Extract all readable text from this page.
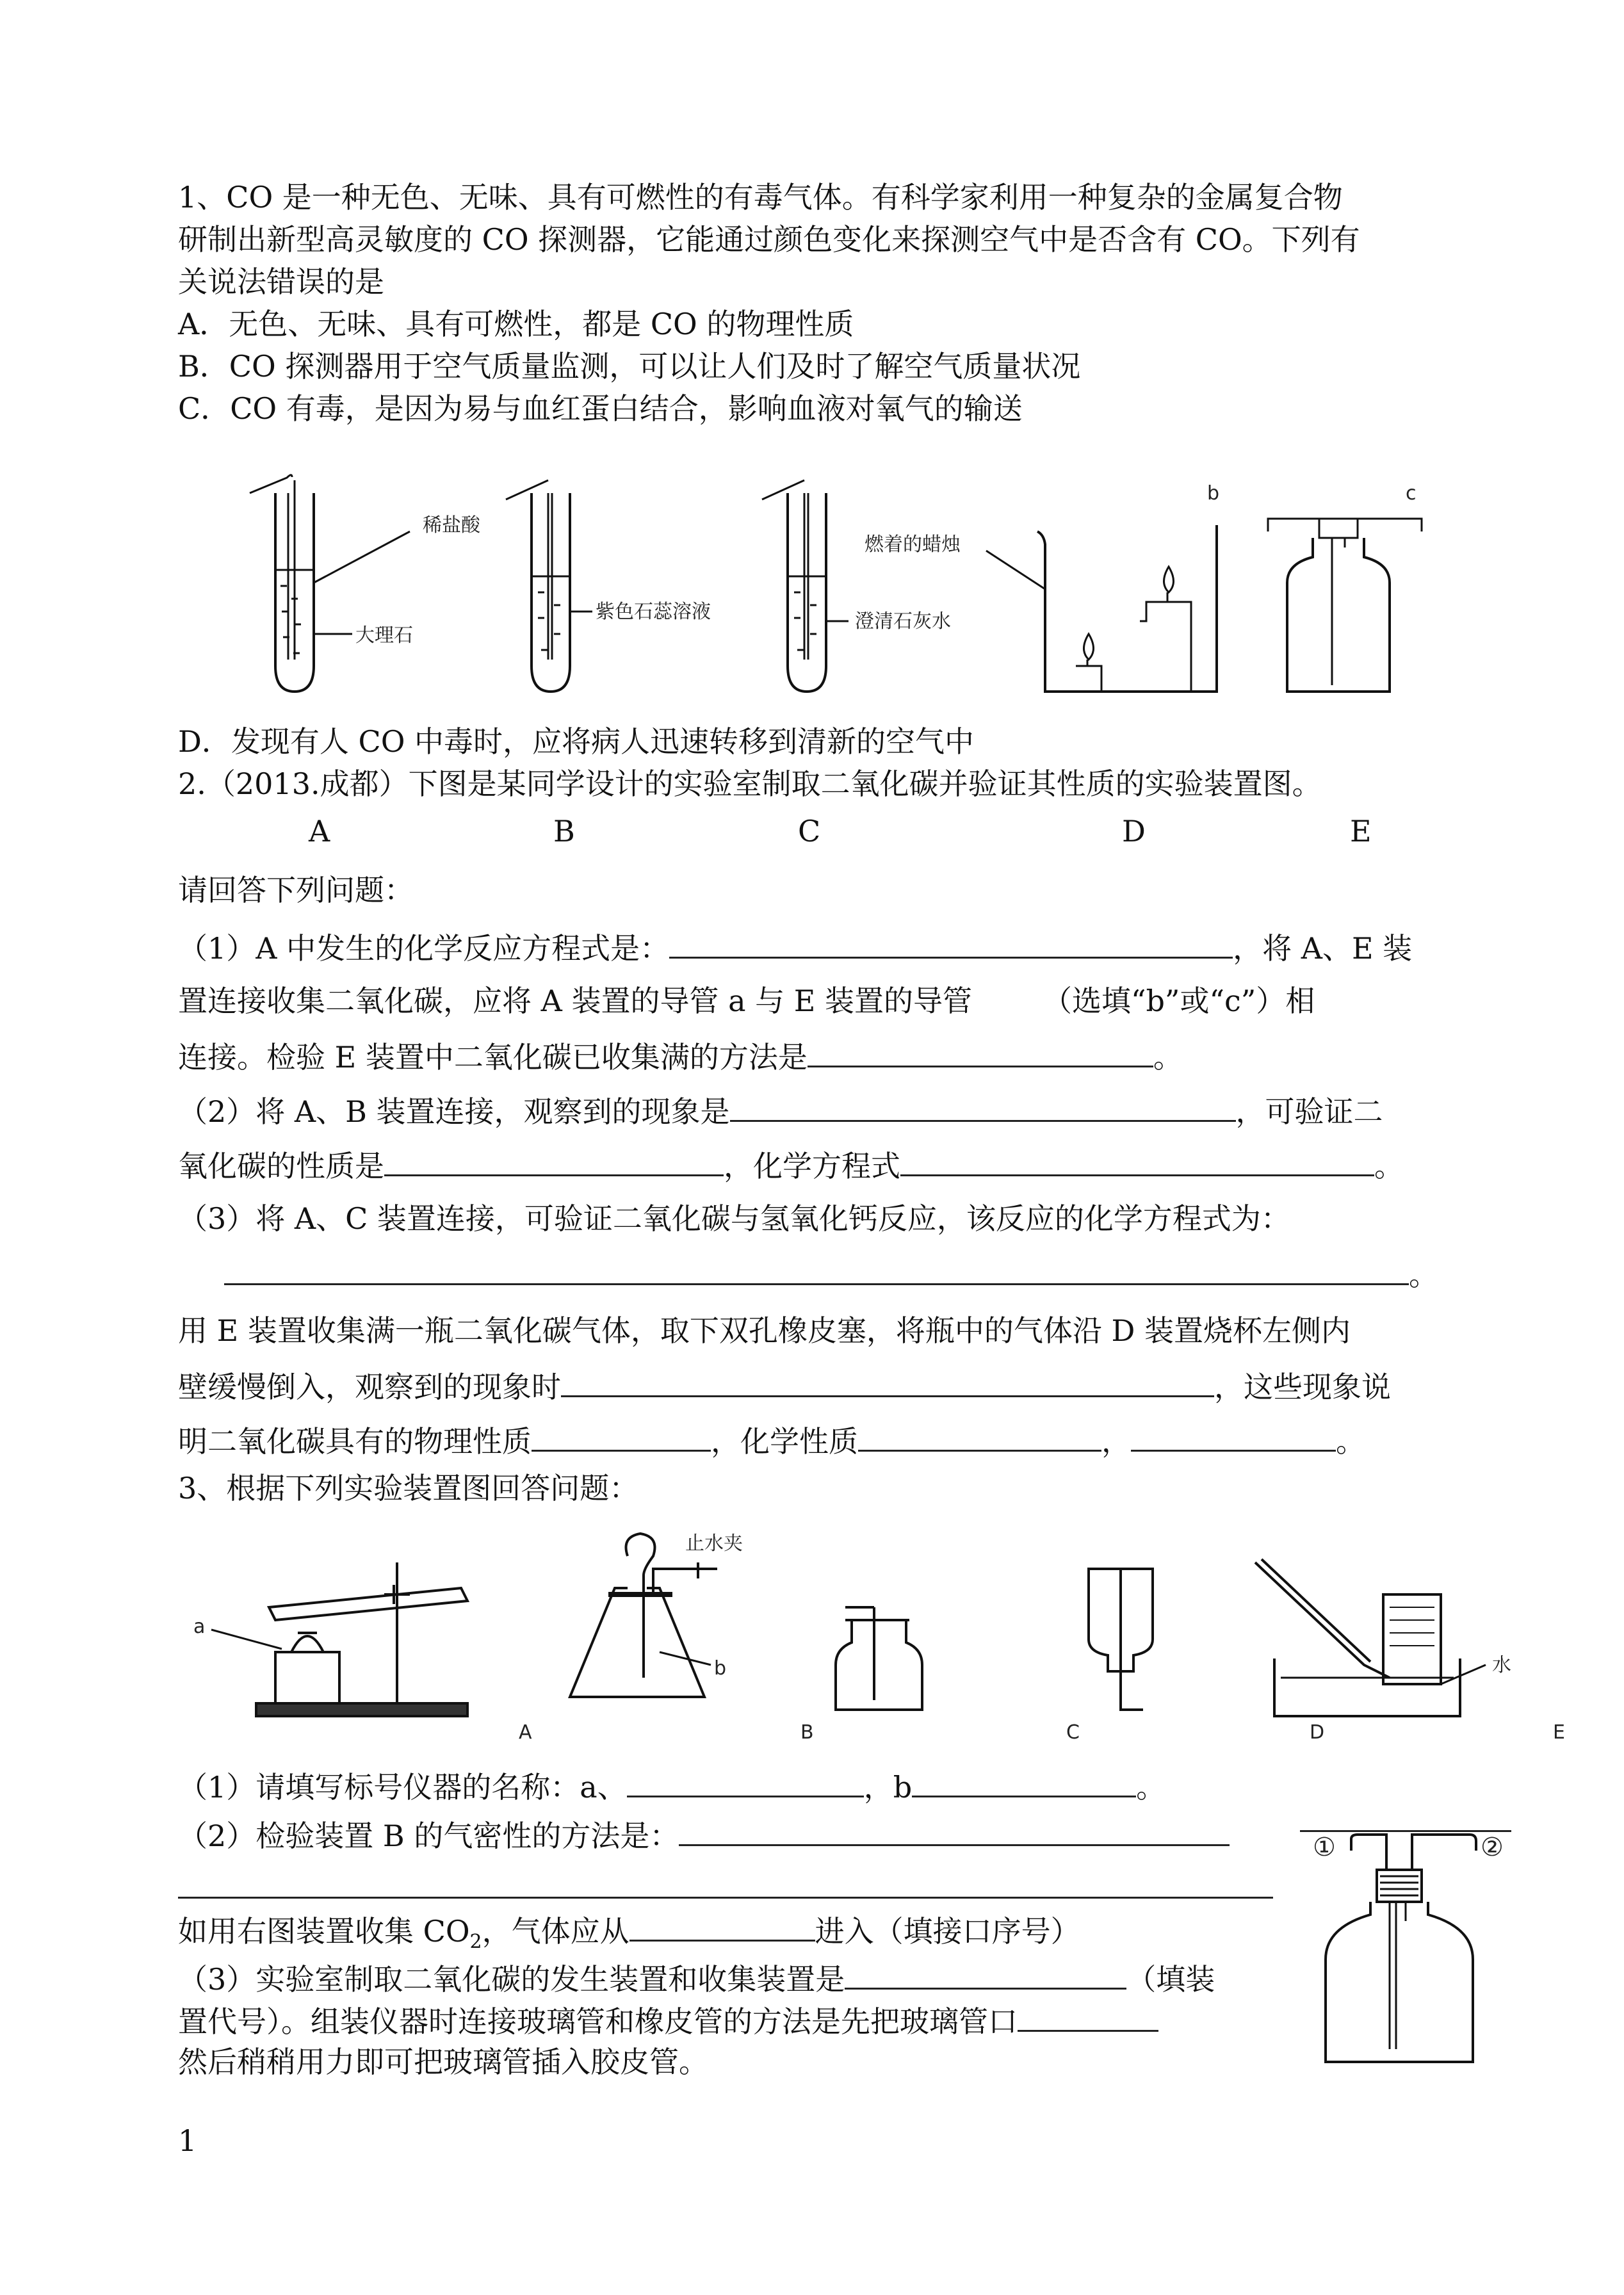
1、CO 是一种无色、无味、具有可燃性的有毒气体。有科学家利用一种复杂的金属复合物
研制出新型高灵敏度的 CO 探测器，它能通过颜色变化来探测空气中是否含有 CO。下列有
关说法错误的是
A．无色、无味、具有可燃性，都是 CO 的物理性质
B．CO 探测器用于空气质量监测，可以让人们及时了解空气质量状况
C．CO 有毒，是因为易与血红蛋白结合，影响血液对氧气的输送
稀盐酸
大理石
紫色石蕊溶液	澄清石灰水
燃着的蜡烛
b	c
D．发现有人 CO 中毒时，应将病人迅速转移到清新的空气中
2.（2013.成都）下图是某同学设计的实验室制取二氧化碳并验证其性质的实验装置图。
A	B	C	D	E
请回答下列问题：
（1）A 中发生的化学反应方程式是：	，将 A、E 装
置连接收集二氧化碳，应将 A 装置的导管 a 与 E 装置的导管 （选填“b”或“c”）相
连接。检验 E 装置中二氧化碳已收集满的方法是	。
（2）将 A、B 装置连接，观察到的现象是	，可验证二
氧化碳的性质是	，化学方程式	。
（3）将 A、C 装置连接，可验证二氧化碳与氢氧化钙反应，该反应的化学方程式为：
。
用 E 装置收集满一瓶二氧化碳气体，取下双孔橡皮塞，将瓶中的气体沿 D 装置烧杯左侧内
壁缓慢倒入，观察到的现象时	，这些现象说
明二氧化碳具有的物理性质	，化学性质	，	。
3、根据下列实验装置图回答问题：
a
b
止水夹
水
A	B	C	D	E
（1）请填写标号仪器的名称：a、	，b	。
（2）检验装置 B 的气密性的方法是：
如用右图装置收集 $CO_2$，气体应从	进入（填接口序号）
（3）实验室制取二氧化碳的发生装置和收集装置是	（填装
置代号）。组装仪器时连接玻璃管和橡皮管的方法是先把玻璃管口
然后稍稍用力即可把玻璃管插入胶皮管。
①	②
1
